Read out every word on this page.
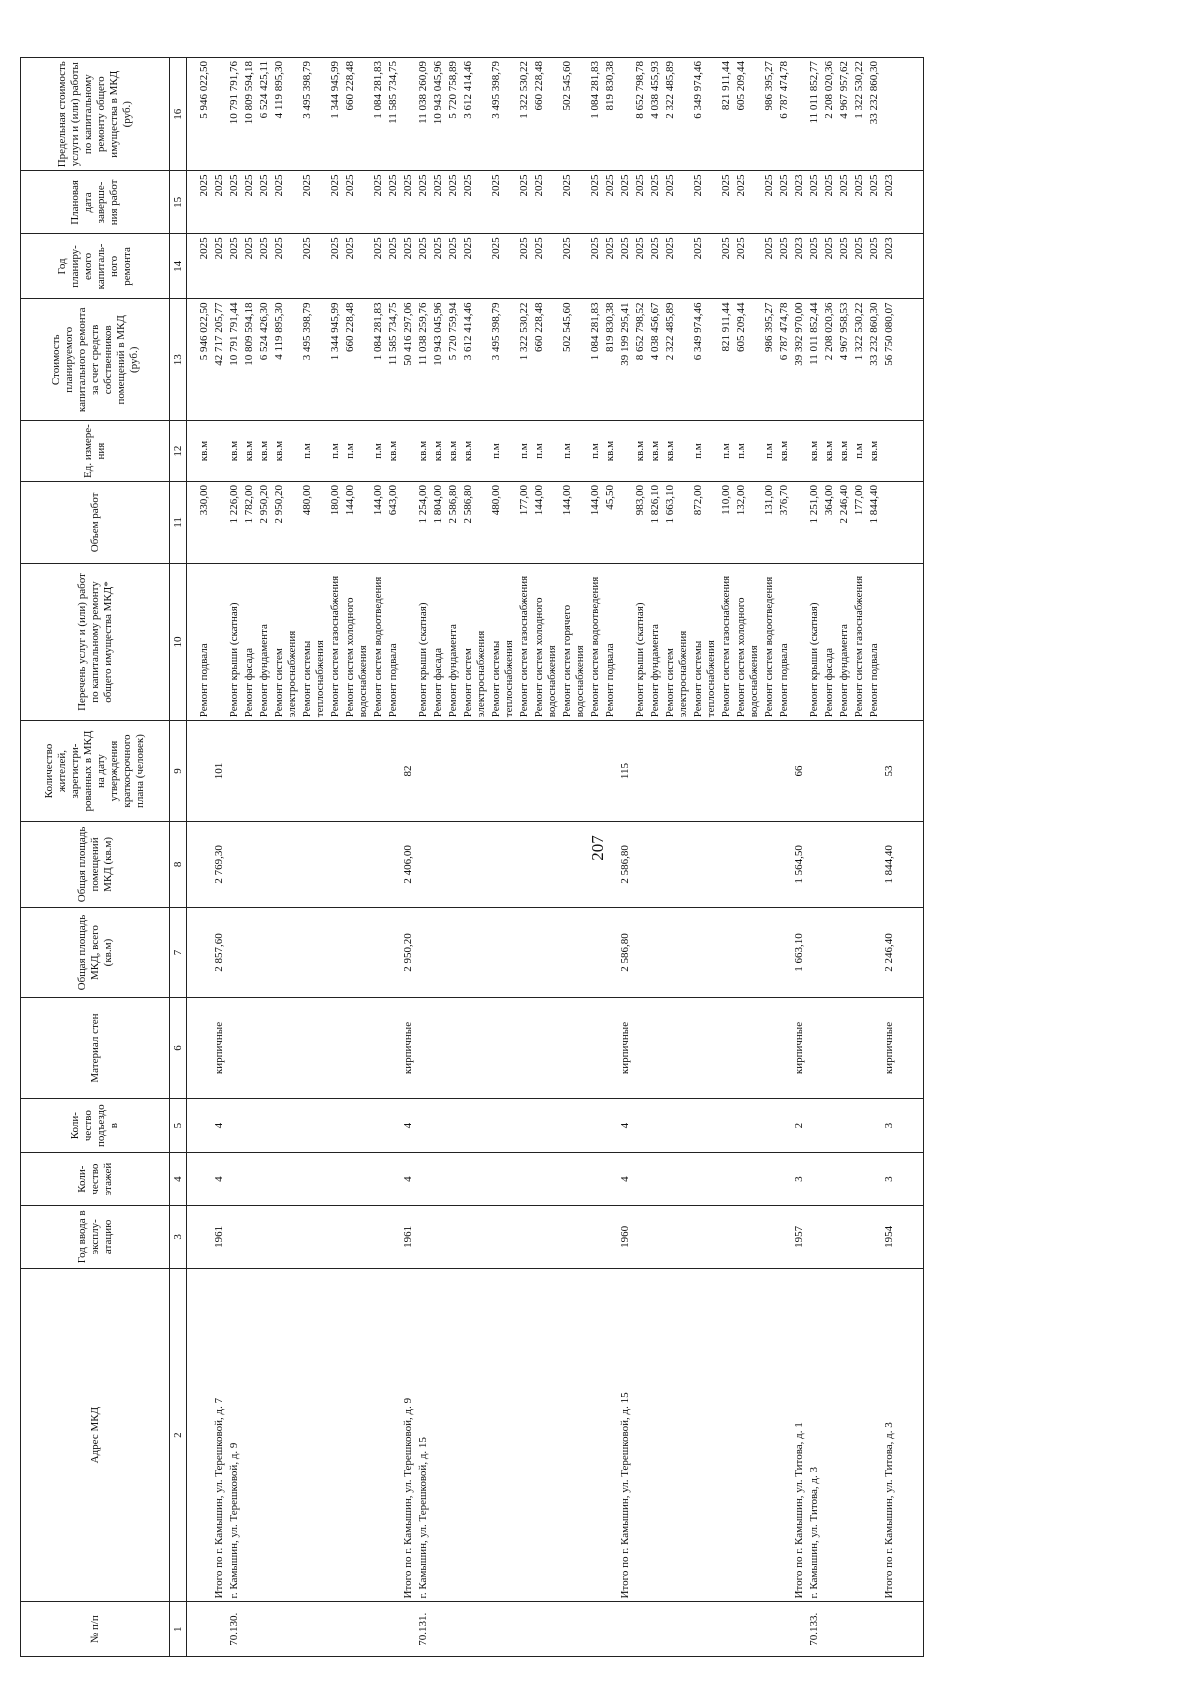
207
№ п/п	Адрес МКД	Год ввода в эксплу-атацию	Коли-чество этажей	Коли-чество подъездо в	Материал стен	Общая площадь МКД, всего (кв.м)	Общая площадь помещений МКД (кв.м)	Количество жителей, зарегистри-рованных в МКД на дату утверждения краткосрочного плана (человек)	Перечень услуг и (или) работ по капитальному ремонту общего имущества МКД*	Объем работ	Ед. измере-ния	Стоимость планируемого капитального ремонта за счет средств собственников помещений в МКД (руб.)	Год планиру-емого капиталь-ного ремонта	Плановая дата заверше-ния работ	Предельная стоимость услуги и (или) работы по капитальному ремонту общего имущества в МКД (руб.)
1	2	3	4	5	6	7	8	9	10	11	12	13	14	15	16

									Ремонт подвала	330,00	кв.м	5 946 022,50	2025	2025	5 946 022,50
	Итого по г. Камышин, ул. Терешковой, д. 7	1961	4	4	кирпичные	2 857,60	2 769,30	101				42 717 205,77	2025	2025	
70.130.	г. Камышин, ул. Терешковой, д. 9								Ремонт крыши (скатная)	1 226,00	кв.м	10 791 791,44	2025	2025	10 791 791,76
									Ремонт фасада	1 782,00	кв.м	10 809 594,18	2025	2025	10 809 594,18
									Ремонт фундамента	2 950,20	кв.м	6 524 426,30	2025	2025	6 524 425,11
									Ремонт систем электроснабжения	2 950,20	кв.м	4 119 895,30	2025	2025	4 119 895,30
									Ремонт системы теплоснабжения	480,00	п.м	3 495 398,79	2025	2025	3 495 398,79
									Ремонт систем газоснабжения	180,00	п.м	1 344 945,99	2025	2025	1 344 945,99
									Ремонт систем холодного водоснабжения	144,00	п.м	660 228,48	2025	2025	660 228,48
									Ремонт систем водоотведения	144,00	п.м	1 084 281,83	2025	2025	1 084 281,83
									Ремонт подвала	643,00	кв.м	11 585 734,75	2025	2025	11 585 734,75
	Итого по г. Камышин, ул. Терешковой, д. 9	1961	4	4	кирпичные	2 950,20	2 406,00	82				50 416 297,06	2025	2025	
70.131.	г. Камышин, ул. Терешковой, д. 15								Ремонт крыши (скатная)	1 254,00	кв.м	11 038 259,76	2025	2025	11 038 260,09
									Ремонт фасада	1 804,00	кв.м	10 943 045,96	2025	2025	10 943 045,96
									Ремонт фундамента	2 586,80	кв.м	5 720 759,94	2025	2025	5 720 758,89
									Ремонт систем электроснабжения	2 586,80	кв.м	3 612 414,46	2025	2025	3 612 414,46
									Ремонт системы теплоснабжения	480,00	п.м	3 495 398,79	2025	2025	3 495 398,79
									Ремонт систем газоснабжения	177,00	п.м	1 322 530,22	2025	2025	1 322 530,22
									Ремонт систем холодного водоснабжения	144,00	п.м	660 228,48	2025	2025	660 228,48
									Ремонт систем горячего водоснабжения	144,00	п.м	502 545,60	2025	2025	502 545,60
									Ремонт систем водоотведения	144,00	п.м	1 084 281,83	2025	2025	1 084 281,83
									Ремонт подвала	45,50	кв.м	819 830,38	2025	2025	819 830,38
	Итого по г. Камышин, ул. Терешковой, д. 15	1960	4	4	кирпичные	2 586,80	2 586,80	115				39 199 295,41	2025	2025	
									Ремонт крыши (скатная)	983,00	кв.м	8 652 798,52	2025	2025	8 652 798,78
									Ремонт фундамента	1 826,10	кв.м	4 038 456,67	2025	2025	4 038 455,93
									Ремонт систем электроснабжения	1 663,10	кв.м	2 322 485,89	2025	2025	2 322 485,89
									Ремонт системы теплоснабжения	872,00	п.м	6 349 974,46	2025	2025	6 349 974,46
									Ремонт систем газоснабжения	110,00	п.м	821 911,44	2025	2025	821 911,44
									Ремонт систем холодного водоснабжения	132,00	п.м	605 209,44	2025	2025	605 209,44
									Ремонт систем водоотведения	131,00	п.м	986 395,27	2025	2025	986 395,27
									Ремонт подвала	376,70	кв.м	6 787 474,78	2025	2025	6 787 474,78
	Итого по г. Камышин, ул. Титова, д. 1	1957	3	2	кирпичные	1 663,10	1 564,50	66				39 392 970,00	2023	2023	
70.133.	г. Камышин, ул. Титова, д. 3								Ремонт крыши (скатная)	1 251,00	кв.м	11 011 852,44	2025	2025	11 011 852,77
									Ремонт фасада	364,00	кв.м	2 208 020,36	2025	2025	2 208 020,36
									Ремонт фундамента	2 246,40	кв.м	4 967 958,53	2025	2025	4 967 957,62
									Ремонт систем газоснабжения	177,00	п.м	1 322 530,22	2025	2025	1 322 530,22
									Ремонт подвала	1 844,40	кв.м	33 232 860,30	2025	2025	33 232 860,30
	Итого по г. Камышин, ул. Титова, д. 3	1954	3	3	кирпичные	2 246,40	1 844,40	53				56 750 080,07	2023	2023	
